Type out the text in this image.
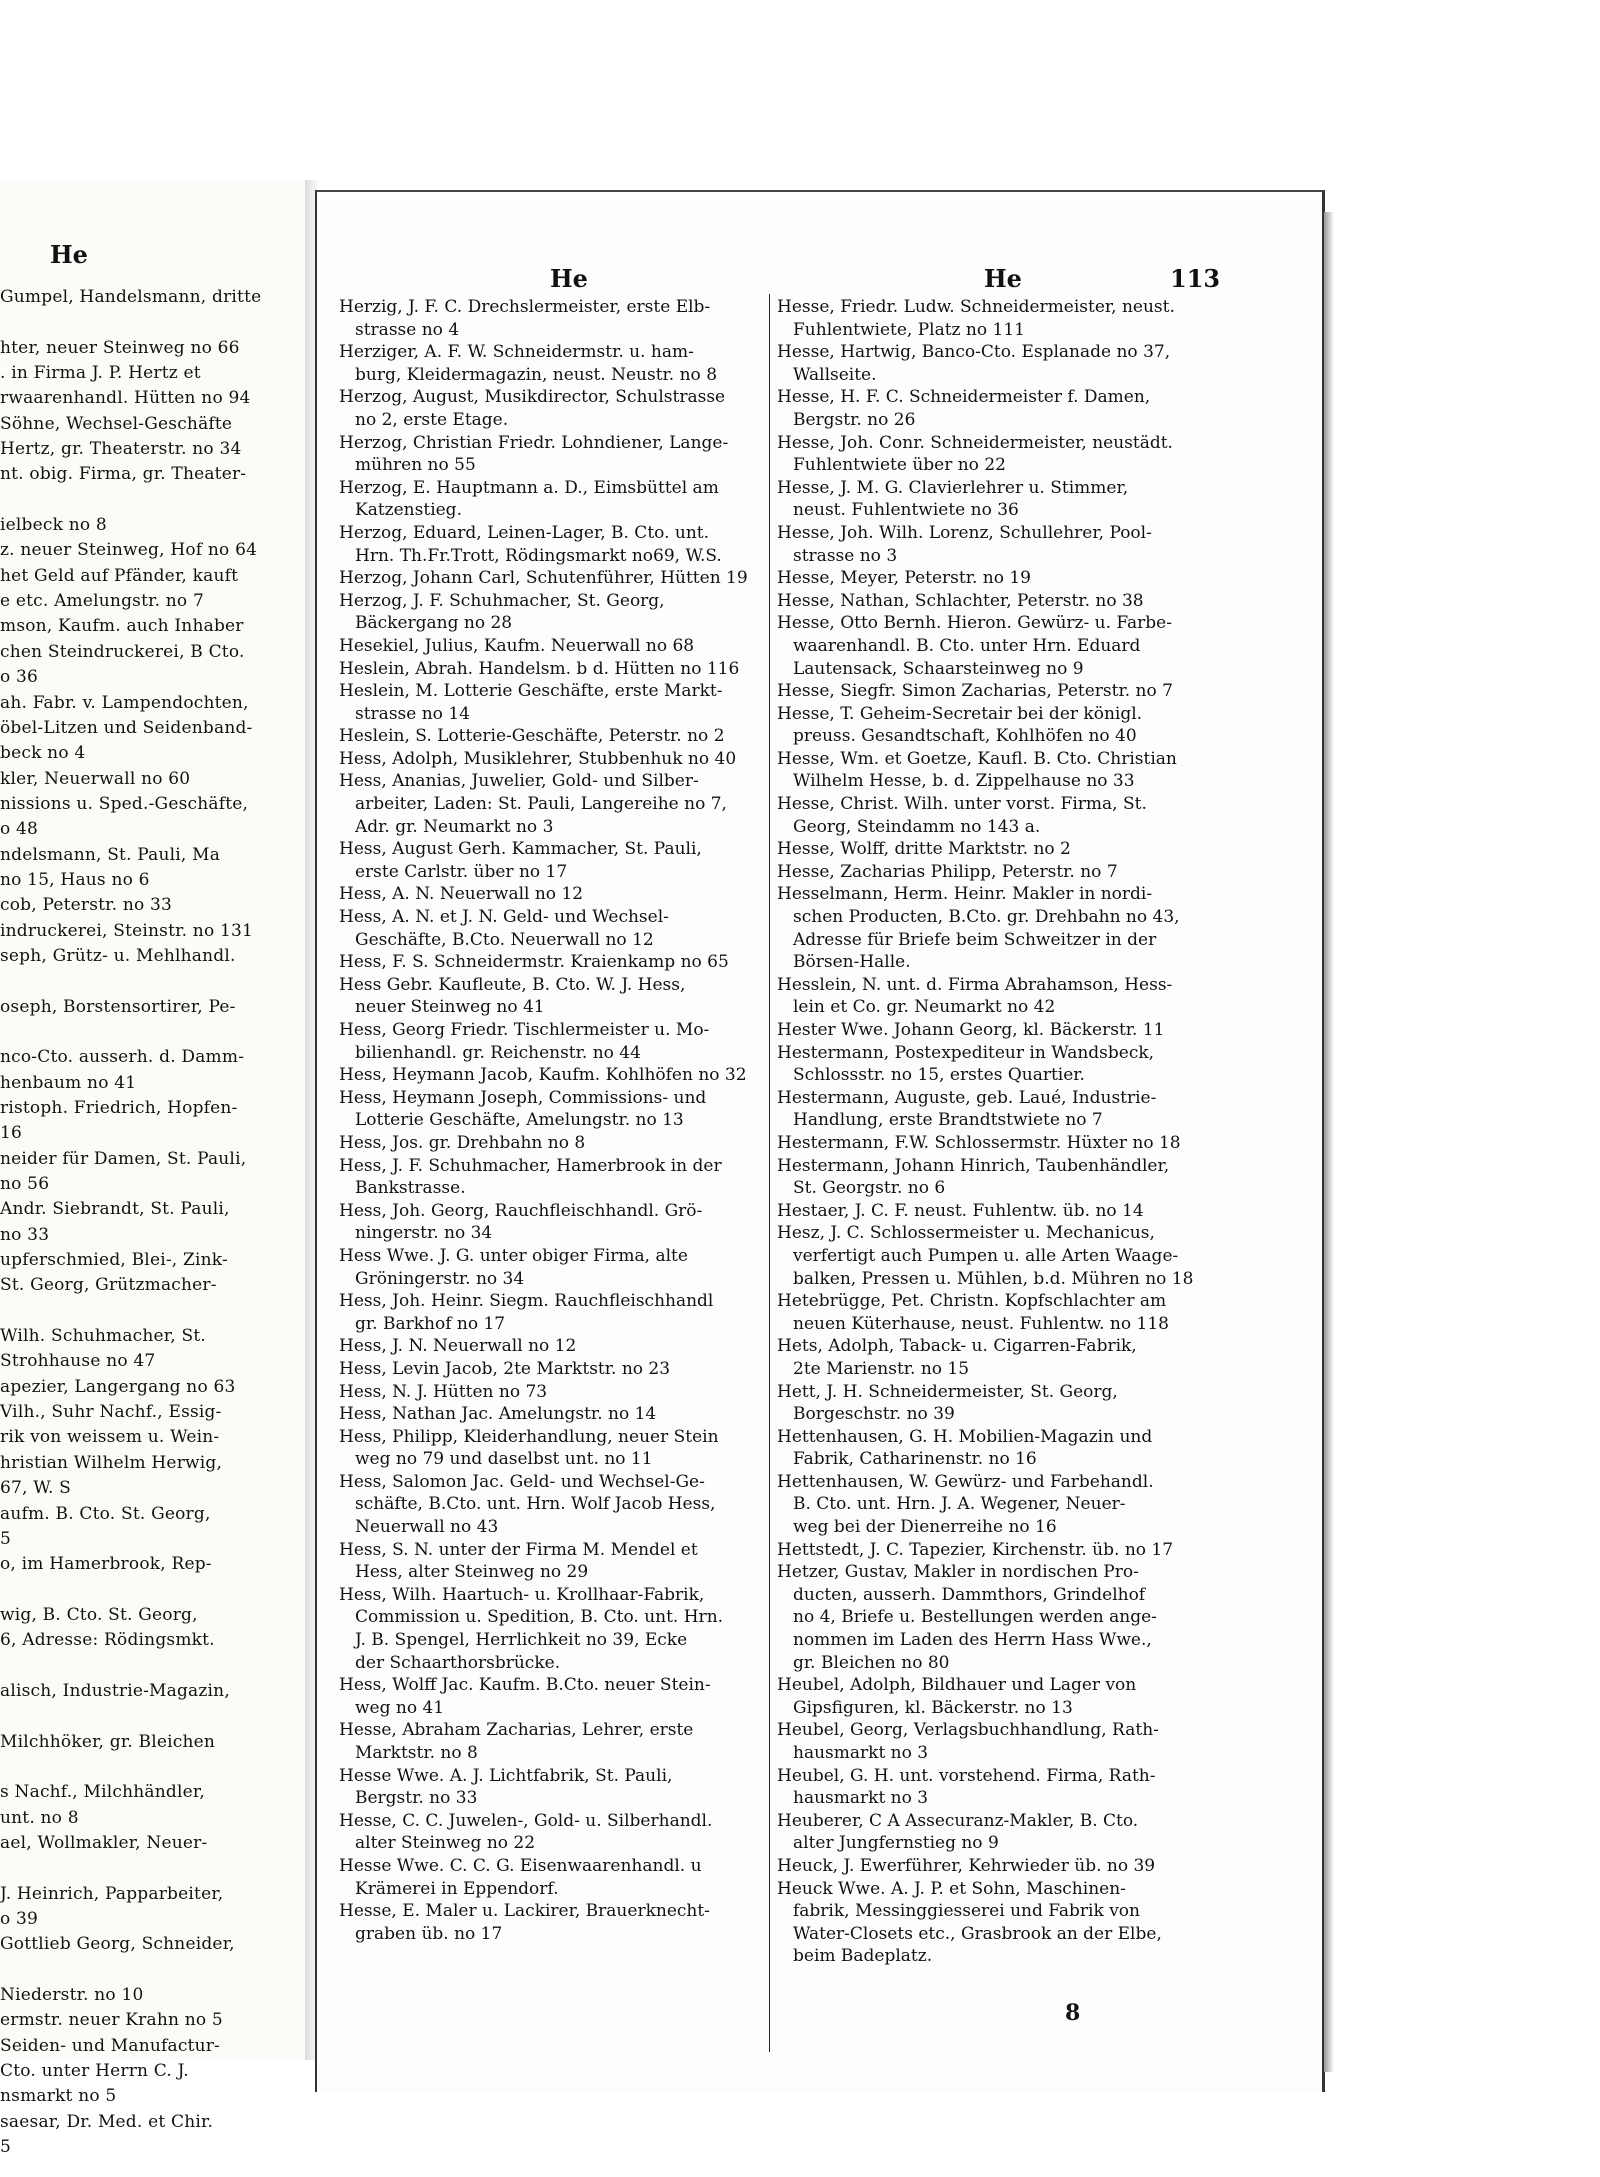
He
Gumpel, Handelsmann, dritte

hter, neuer Steinweg no 66
. in Firma J. P. Hertz et
rwaarenhandl. Hütten no 94
Söhne, Wechsel-Geschäfte
Hertz, gr. Theaterstr. no 34
nt. obig. Firma, gr. Theater-

ielbeck no 8
z. neuer Steinweg, Hof no 64
het Geld auf Pfänder, kauft
e etc. Amelungstr. no 7
mson, Kaufm. auch Inhaber
chen Steindruckerei, B Cto.
o 36
ah. Fabr. v. Lampendochten,
öbel-Litzen und Seidenband-
beck no 4
kler, Neuerwall no 60
nissions u. Sped.-Geschäfte,
o 48
ndelsmann, St. Pauli, Ma
no 15, Haus no 6
cob, Peterstr. no 33
indruckerei, Steinstr. no 131
seph, Grütz- u. Mehlhandl.

oseph, Borstensortirer, Pe-

nco-Cto. ausserh. d. Damm-
henbaum no 41
ristoph. Friedrich, Hopfen-
16
neider für Damen, St. Pauli,
no 56
Andr. Siebrandt, St. Pauli,
no 33
upferschmied, Blei-, Zink-
St. Georg, Grützmacher-

Wilh. Schuhmacher, St.
Strohhause no 47
apezier, Langergang no 63
Vilh., Suhr Nachf., Essig-
rik von weissem u. Wein-
hristian Wilhelm Herwig,
67, W. S
aufm. B. Cto. St. Georg,
5
o, im Hamerbrook, Rep-

wig, B. Cto. St. Georg,
6, Adresse: Rödingsmkt.

alisch, Industrie-Magazin,

Milchhöker, gr. Bleichen

s Nachf., Milchhändler,
unt. no 8
ael, Wollmakler, Neuer-

J. Heinrich, Papparbeiter,
o 39
Gottlieb Georg, Schneider,

Niederstr. no 10
ermstr. neuer Krahn no 5
Seiden- und Manufactur-
Cto. unter Herrn C. J.
nsmarkt no 5
saesar, Dr. Med. et Chir.
5
He	He	113
Herzig, J. F. C. Drechslermeister, erste Elb-
strasse no 4
Herziger, A. F. W. Schneidermstr. u. ham-
burg, Kleidermagazin, neust. Neustr. no 8
Herzog, August, Musikdirector, Schulstrasse
no 2, erste Etage.
Herzog, Christian Friedr. Lohndiener, Lange-
mühren no 55
Herzog, E. Hauptmann a. D., Eimsbüttel am
Katzenstieg.
Herzog, Eduard, Leinen-Lager, B. Cto. unt.
Hrn. Th.Fr.Trott, Rödingsmarkt no69, W.S.
Herzog, Johann Carl, Schutenführer, Hütten 19
Herzog, J. F. Schuhmacher, St. Georg,
Bäckergang no 28
Hesekiel, Julius, Kaufm. Neuerwall no 68
Heslein, Abrah. Handelsm. b d. Hütten no 116
Heslein, M. Lotterie Geschäfte, erste Markt-
strasse no 14
Heslein, S. Lotterie-Geschäfte, Peterstr. no 2
Hess, Adolph, Musiklehrer, Stubbenhuk no 40
Hess, Ananias, Juwelier, Gold- und Silber-
arbeiter, Laden: St. Pauli, Langereihe no 7,
Adr. gr. Neumarkt no 3
Hess, August Gerh. Kammacher, St. Pauli,
erste Carlstr. über no 17
Hess, A. N. Neuerwall no 12
Hess, A. N. et J. N. Geld- und Wechsel-
Geschäfte, B.Cto. Neuerwall no 12
Hess, F. S. Schneidermstr. Kraienkamp no 65
Hess Gebr. Kaufleute, B. Cto. W. J. Hess,
neuer Steinweg no 41
Hess, Georg Friedr. Tischlermeister u. Mo-
bilienhandl. gr. Reichenstr. no 44
Hess, Heymann Jacob, Kaufm. Kohlhöfen no 32
Hess, Heymann Joseph, Commissions- und
Lotterie Geschäfte, Amelungstr. no 13
Hess, Jos. gr. Drehbahn no 8
Hess, J. F. Schuhmacher, Hamerbrook in der
Bankstrasse.
Hess, Joh. Georg, Rauchfleischhandl. Grö-
ningerstr. no 34
Hess Wwe. J. G. unter obiger Firma, alte
Gröningerstr. no 34
Hess, Joh. Heinr. Siegm. Rauchfleischhandl
gr. Barkhof no 17
Hess, J. N. Neuerwall no 12
Hess, Levin Jacob, 2te Marktstr. no 23
Hess, N. J. Hütten no 73
Hess, Nathan Jac. Amelungstr. no 14
Hess, Philipp, Kleiderhandlung, neuer Stein
weg no 79 und daselbst unt. no 11
Hess, Salomon Jac. Geld- und Wechsel-Ge-
schäfte, B.Cto. unt. Hrn. Wolf Jacob Hess,
Neuerwall no 43
Hess, S. N. unter der Firma M. Mendel et
Hess, alter Steinweg no 29
Hess, Wilh. Haartuch- u. Krollhaar-Fabrik,
Commission u. Spedition, B. Cto. unt. Hrn.
J. B. Spengel, Herrlichkeit no 39, Ecke
der Schaarthorsbrücke.
Hess, Wolff Jac. Kaufm. B.Cto. neuer Stein-
weg no 41
Hesse, Abraham Zacharias, Lehrer, erste
Marktstr. no 8
Hesse Wwe. A. J. Lichtfabrik, St. Pauli,
Bergstr. no 33
Hesse, C. C. Juwelen-, Gold- u. Silberhandl.
alter Steinweg no 22
Hesse Wwe. C. C. G. Eisenwaarenhandl. u
Krämerei in Eppendorf.
Hesse, E. Maler u. Lackirer, Brauerknecht-
graben üb. no 17
Hesse, Friedr. Ludw. Schneidermeister, neust.
Fuhlentwiete, Platz no 111
Hesse, Hartwig, Banco-Cto. Esplanade no 37,
Wallseite.
Hesse, H. F. C. Schneidermeister f. Damen,
Bergstr. no 26
Hesse, Joh. Conr. Schneidermeister, neustädt.
Fuhlentwiete über no 22
Hesse, J. M. G. Clavierlehrer u. Stimmer,
neust. Fuhlentwiete no 36
Hesse, Joh. Wilh. Lorenz, Schullehrer, Pool-
strasse no 3
Hesse, Meyer, Peterstr. no 19
Hesse, Nathan, Schlachter, Peterstr. no 38
Hesse, Otto Bernh. Hieron. Gewürz- u. Farbe-
waarenhandl. B. Cto. unter Hrn. Eduard
Lautensack, Schaarsteinweg no 9
Hesse, Siegfr. Simon Zacharias, Peterstr. no 7
Hesse, T. Geheim-Secretair bei der königl.
preuss. Gesandtschaft, Kohlhöfen no 40
Hesse, Wm. et Goetze, Kaufl. B. Cto. Christian
Wilhelm Hesse, b. d. Zippelhause no 33
Hesse, Christ. Wilh. unter vorst. Firma, St.
Georg, Steindamm no 143 a.
Hesse, Wolff, dritte Marktstr. no 2
Hesse, Zacharias Philipp, Peterstr. no 7
Hesselmann, Herm. Heinr. Makler in nordi-
schen Producten, B.Cto. gr. Drehbahn no 43,
Adresse für Briefe beim Schweitzer in der
Börsen-Halle.
Hesslein, N. unt. d. Firma Abrahamson, Hess-
lein et Co. gr. Neumarkt no 42
Hester Wwe. Johann Georg, kl. Bäckerstr. 11
Hestermann, Postexpediteur in Wandsbeck,
Schlossstr. no 15, erstes Quartier.
Hestermann, Auguste, geb. Laué, Industrie-
Handlung, erste Brandtstwiete no 7
Hestermann, F.W. Schlossermstr. Hüxter no 18
Hestermann, Johann Hinrich, Taubenhändler,
St. Georgstr. no 6
Hestaer, J. C. F. neust. Fuhlentw. üb. no 14
Hesz, J. C. Schlossermeister u. Mechanicus,
verfertigt auch Pumpen u. alle Arten Waage-
balken, Pressen u. Mühlen, b.d. Mühren no 18
Hetebrügge, Pet. Christn. Kopfschlachter am
neuen Küterhause, neust. Fuhlentw. no 118
Hets, Adolph, Taback- u. Cigarren-Fabrik,
2te Marienstr. no 15
Hett, J. H. Schneidermeister, St. Georg,
Borgeschstr. no 39
Hettenhausen, G. H. Mobilien-Magazin und
Fabrik, Catharinenstr. no 16
Hettenhausen, W. Gewürz- und Farbehandl.
B. Cto. unt. Hrn. J. A. Wegener, Neuer-
weg bei der Dienerreihe no 16
Hettstedt, J. C. Tapezier, Kirchenstr. üb. no 17
Hetzer, Gustav, Makler in nordischen Pro-
ducten, ausserh. Dammthors, Grindelhof
no 4, Briefe u. Bestellungen werden ange-
nommen im Laden des Herrn Hass Wwe.,
gr. Bleichen no 80
Heubel, Adolph, Bildhauer und Lager von
Gipsfiguren, kl. Bäckerstr. no 13
Heubel, Georg, Verlagsbuchhandlung, Rath-
hausmarkt no 3
Heubel, G. H. unt. vorstehend. Firma, Rath-
hausmarkt no 3
Heuberer, C A Assecuranz-Makler, B. Cto.
alter Jungfernstieg no 9
Heuck, J. Ewerführer, Kehrwieder üb. no 39
Heuck Wwe. A. J. P. et Sohn, Maschinen-
fabrik, Messinggiesserei und Fabrik von
Water-Closets etc., Grasbrook an der Elbe,
beim Badeplatz.
8
